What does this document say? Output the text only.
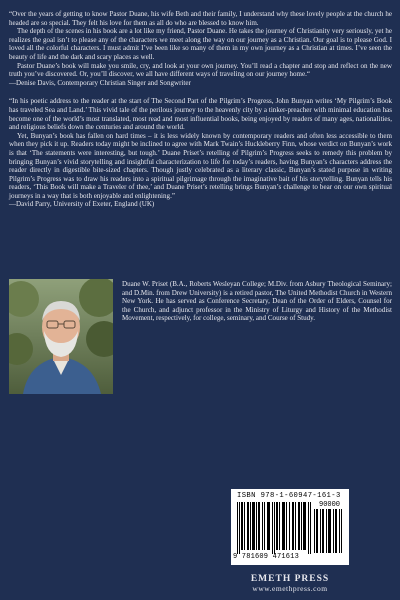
“Over the years of getting to know Pastor Duane, his wife Beth and their family, I understand why these lovely people at the church he headed are so special. They felt his love for them as all do who are blessed to know him.

The depth of the scenes in his book are a lot like my friend, Pastor Duane. He takes the journey of Christianity very seriously, yet he realizes the goal isn’t to please any of the characters we meet along the way on our journey as a Christian. Our goal is to please God. I loved all the colorful characters. I must admit I’ve been like so many of them in my own journey as a Christian at times. I’ve seen the beauty of life and the dark and scary places as well.

Pastor Duane’s book will make you smile, cry, and look at your own journey. You’ll read a chapter and stop and reflect on the new truth you’ve discovered. Or, you’ll discover, we all have different ways of traveling on our journey home.“

—Denise Davis, Contemporary Christian Singer and Songwriter

“In his poetic address to the reader at the start of The Second Part of the Pilgrim’s Progress, John Bunyan writes ‘My Pilgrim’s Book has traveled Sea and Land.’ This vivid tale of the perilous journey to the heavenly city by a tinker-preacher with minimal education has become one of the world’s most translated, most read and most influential books, being enjoyed by readers of many ages, nationalities, and religious beliefs down the centuries and around the world.

Yet, Bunyan’s book has fallen on hard times – it is less widely known by contemporary readers and often less accessible to them when they pick it up. Readers today might be inclined to agree with Mark Twain’s Huckleberry Finn, whose verdict on Bunyan’s work is that ‘The statements were interesting, but tough.’ Duane Priset’s retelling of Pilgrim’s Progress seeks to remedy this problem by bringing Bunyan’s vivid storytelling and insightful characterization to life for today’s readers, having Bunyan’s characters address the reader directly in digestible bite-sized chapters. Though justly celebrated as a literary classic, Bunyan’s stated purpose in writing Pilgrim’s Progress was to draw his readers into a spiritual pilgrimage through the imaginative bait of his storytelling. Bunyan tells his readers, ‘This Book will make a Traveler of thee,’ and Duane Priset’s retelling brings Bunyan’s challenge to bear on our own spiritual journeys in a way that is both enjoyable and enlightening.”

—David Parry, University of Exeter, England (UK)

Duane W. Priset (B.A., Roberts Wesleyan College; M.Div. from Asbury Theological Seminary; and D.Min. from Drew University) is a retired pastor, The United Methodist Church in Western New York. He has served as Conference Secretary, Dean of the Order of Elders, Counsel for the Church, and adjunct professor in the Ministry of Liturgy and History of the Methodist Movement, respectively, for college, seminary, and Course of Study.

ISBN 978-1-60947-161-3
90000
9 781609 471613
EMETH PRESS
www.emethpress.com
